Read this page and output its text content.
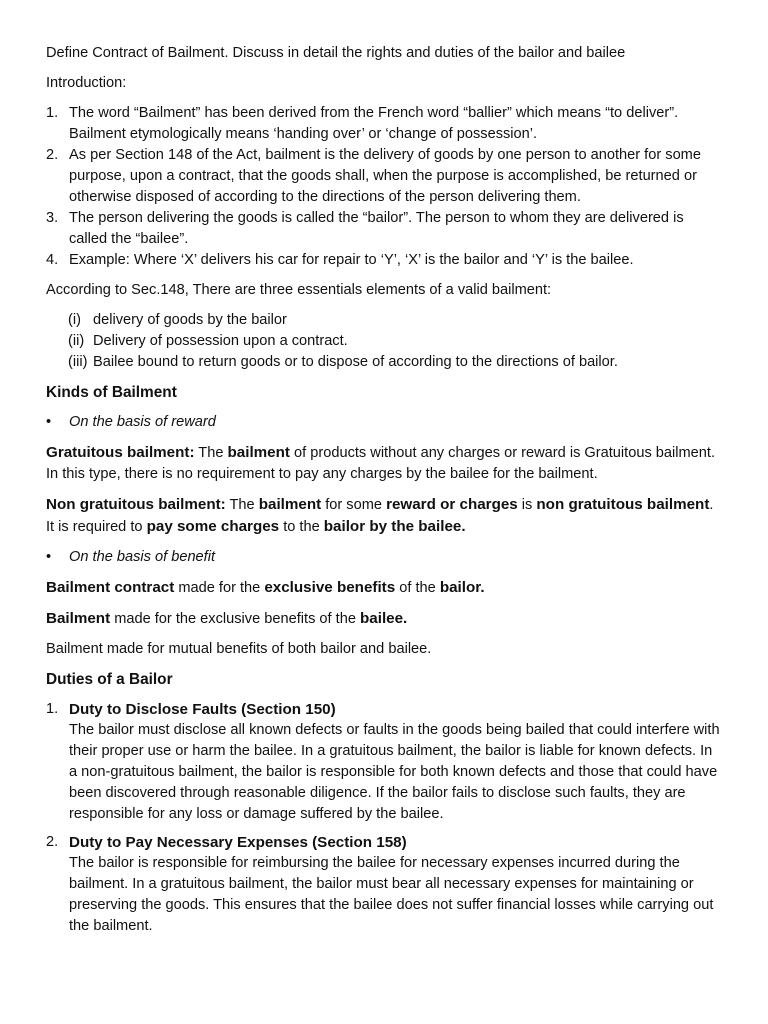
Define Contract of Bailment. Discuss in detail the rights and duties of the bailor and bailee

Introduction:

1. The word “Bailment” has been derived from the French word “ballier” which means “to deliver”. Bailment etymologically means ‘handing over’ or ‘change of possession’.
2. As per Section 148 of the Act, bailment is the delivery of goods by one person to another for some purpose, upon a contract, that the goods shall, when the purpose is accomplished, be returned or otherwise disposed of according to the directions of the person delivering them.
3. The person delivering the goods is called the “bailor”. The person to whom they are delivered is called the “bailee”.
4. Example: Where ‘X’ delivers his car for repair to ‘Y’, ‘X’ is the bailor and ‘Y’ is the bailee.

According to Sec.148, There are three essentials elements of a valid bailment:

(i) delivery of goods by the bailor
(ii) Delivery of possession upon a contract.
(iii) Bailee bound to return goods or to dispose of according to the directions of bailor.

Kinds of Bailment

• On the basis of reward

Gratuitous bailment: The bailment of products without any charges or reward is Gratuitous bailment. In this type, there is no requirement to pay any charges by the bailee for the bailment.

Non gratuitous bailment: The bailment for some reward or charges is non gratuitous bailment. It is required to pay some charges to the bailor by the bailee.

• On the basis of benefit

Bailment contract made for the exclusive benefits of the bailor.

Bailment made for the exclusive benefits of the bailee.

Bailment made for mutual benefits of both bailor and bailee.

Duties of a Bailor

1. Duty to Disclose Faults (Section 150)
The bailor must disclose all known defects or faults in the goods being bailed that could interfere with their proper use or harm the bailee. In a gratuitous bailment, the bailor is liable for known defects. In a non-gratuitous bailment, the bailor is responsible for both known defects and those that could have been discovered through reasonable diligence. If the bailor fails to disclose such faults, they are responsible for any loss or damage suffered by the bailee.
2. Duty to Pay Necessary Expenses (Section 158)
The bailor is responsible for reimbursing the bailee for necessary expenses incurred during the bailment. In a gratuitous bailment, the bailor must bear all necessary expenses for maintaining or preserving the goods. This ensures that the bailee does not suffer financial losses while carrying out the bailment.
